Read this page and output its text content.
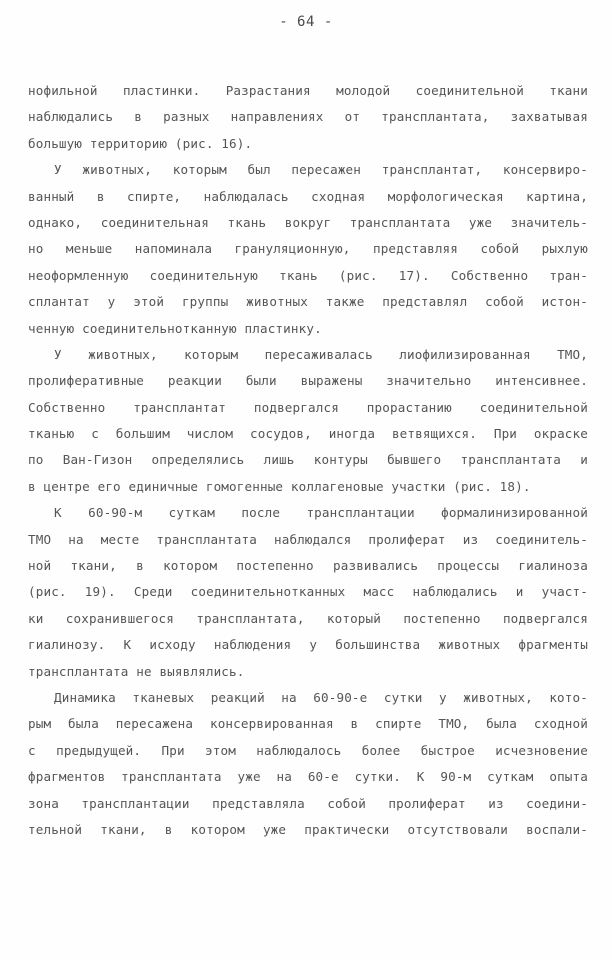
- 64 -
нофильной пластинки. Разрастания молодой соединительной ткани
наблюдались в разных направлениях от трансплантата, захватывая
большую территорию (рис. 16).
У животных, которым был пересажен трансплантат, консервиро-
ванный в спирте, наблюдалась сходная морфологическая картина,
однако, соединительная ткань вокруг трансплантата уже значитель-
но меньше напоминала грануляционную, представляя собой рыхлую
неоформленную соединительную ткань (рис. 17). Собственно тран-
сплантат у этой группы животных также представлял собой истон-
ченную соединительнотканную пластинку.
У животных, которым пересаживалась лиофилизированная ТМО,
пролиферативные реакции были выражены значительно интенсивнее.
Собственно трансплантат подвергался прорастанию соединительной
тканью с большим числом сосудов, иногда ветвящихся. При окраске
по Ван-Гизон определялись лишь контуры бывшего трансплантата и
в центре его единичные гомогенные коллагеновые участки (рис. 18).
К 60-90-м суткам после трансплантации формалинизированной
ТМО на месте трансплантата наблюдался пролиферат из соединитель-
ной ткани, в котором постепенно развивались процессы гиалиноза
(рис. 19). Среди соединительнотканных масс наблюдались и участ-
ки сохранившегося трансплантата, который постепенно подвергался
гиалинозу. К исходу наблюдения у большинства животных фрагменты
трансплантата не выявлялись.
Динамика тканевых реакций на 60-90-е сутки у животных, кото-
рым была пересажена консервированная в спирте ТМО, была сходной
с предыдущей. При этом наблюдалось более быстрое исчезновение
фрагментов трансплантата уже на 60-е сутки. К 90-м суткам опыта
зона трансплантации представляла собой пролиферат из соедини-
тельной ткани, в котором уже практически отсутствовали воспали-
